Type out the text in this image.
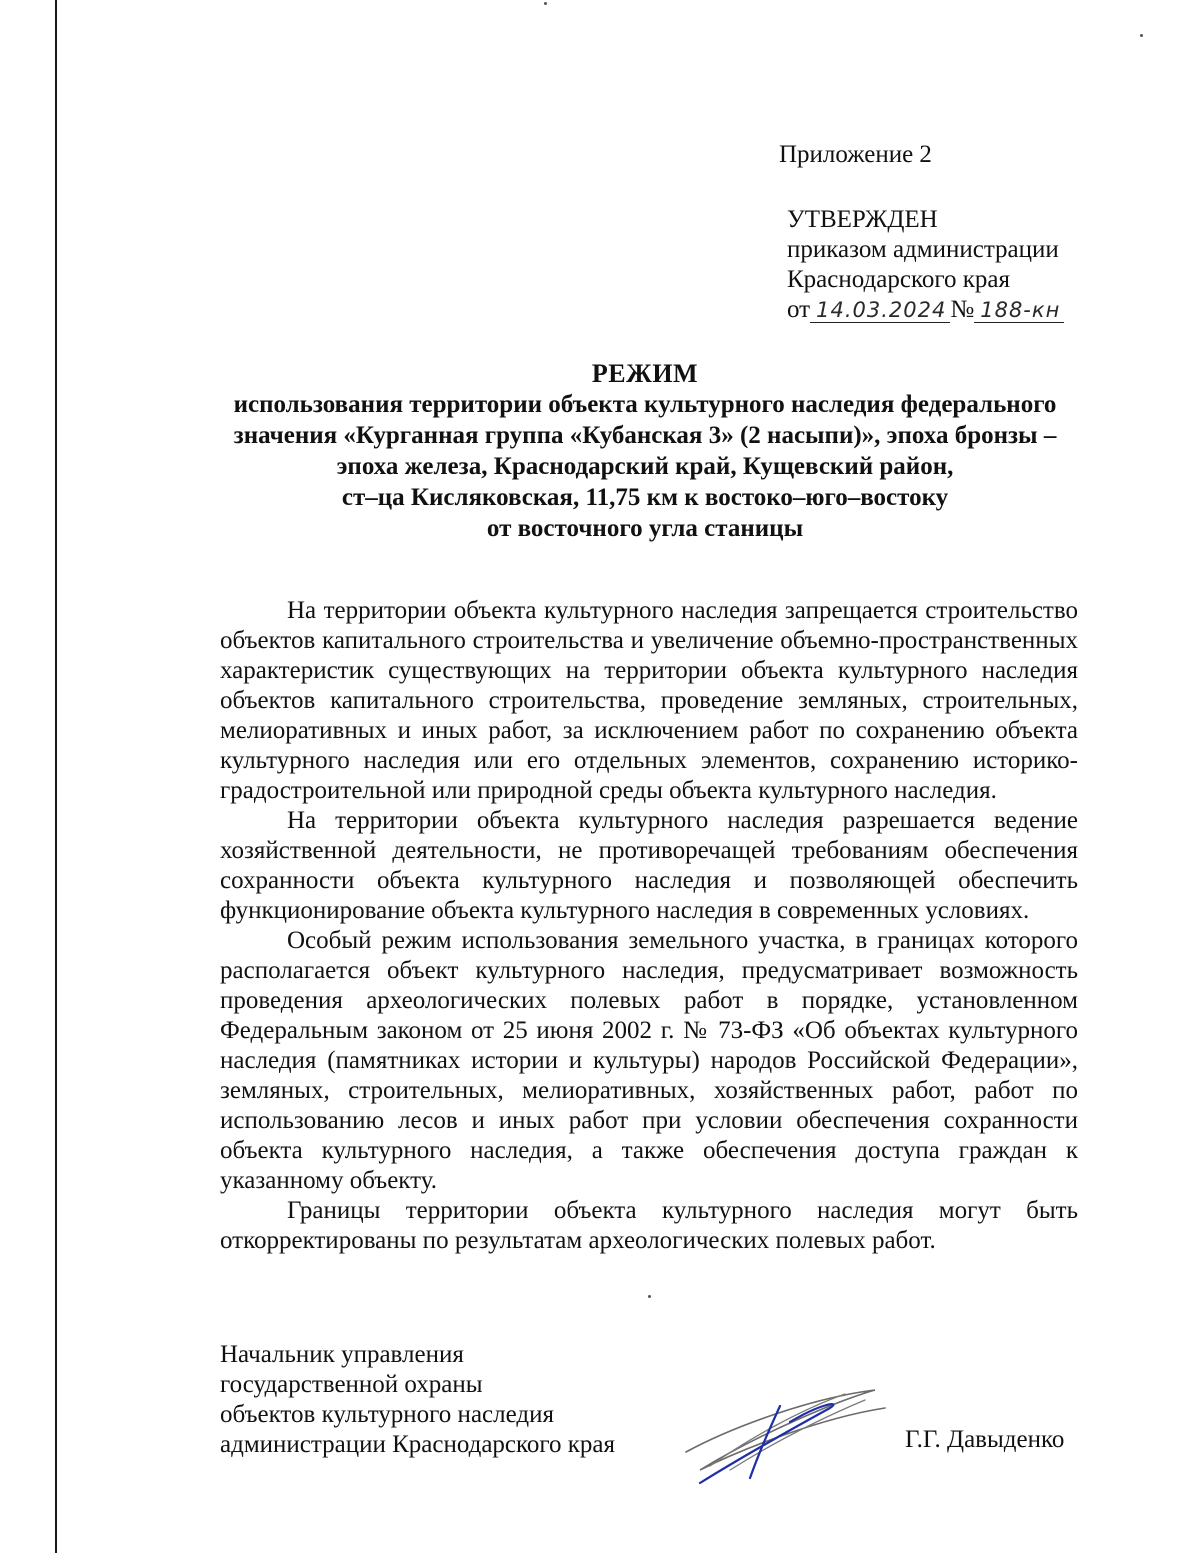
Приложение 2
УТВЕРЖДЕН
приказом администрации
Краснодарского края
от 14.03.2024 № 188-кн
РЕЖИМ
использования территории объекта культурного наследия федерального
значения «Курганная группа «Кубанская 3» (2 насыпи)», эпоха бронзы –
эпоха железа, Краснодарский край, Кущевский район,
ст–ца Кисляковская, 11,75 км к востоко–юго–востоку
от восточного угла станицы

На территории объекта культурного наследия запрещается строительство объектов капитального строительства и увеличение объемно-пространственных характеристик существующих на территории объекта культурного наследия объектов капитального строительства, проведение земляных, строительных, мелиоративных и иных работ, за исключением работ по сохранению объекта культурного наследия или его отдельных элементов, сохранению историко-градостроительной или природной среды объекта культурного наследия.

На территории объекта культурного наследия разрешается ведение хозяйственной деятельности, не противоречащей требованиям обеспечения сохранности объекта культурного наследия и позволяющей обеспечить функционирование объекта культурного наследия в современных условиях.

Особый режим использования земельного участка, в границах которого располагается объект культурного наследия, предусматривает возможность проведения археологических полевых работ в порядке, установленном Федеральным законом от 25 июня 2002 г. № 73-ФЗ «Об объектах культурного наследия (памятниках истории и культуры) народов Российской Федерации», земляных, строительных, мелиоративных, хозяйственных работ, работ по использованию лесов и иных работ при условии обеспечения сохранности объекта культурного наследия, а также обеспечения доступа граждан к указанному объекту.

Границы территории объекта культурного наследия могут быть откорректированы по результатам археологических полевых работ.

Начальник управления
государственной охраны
объектов культурного наследия
администрации Краснодарского края	Г.Г. Давыденко
